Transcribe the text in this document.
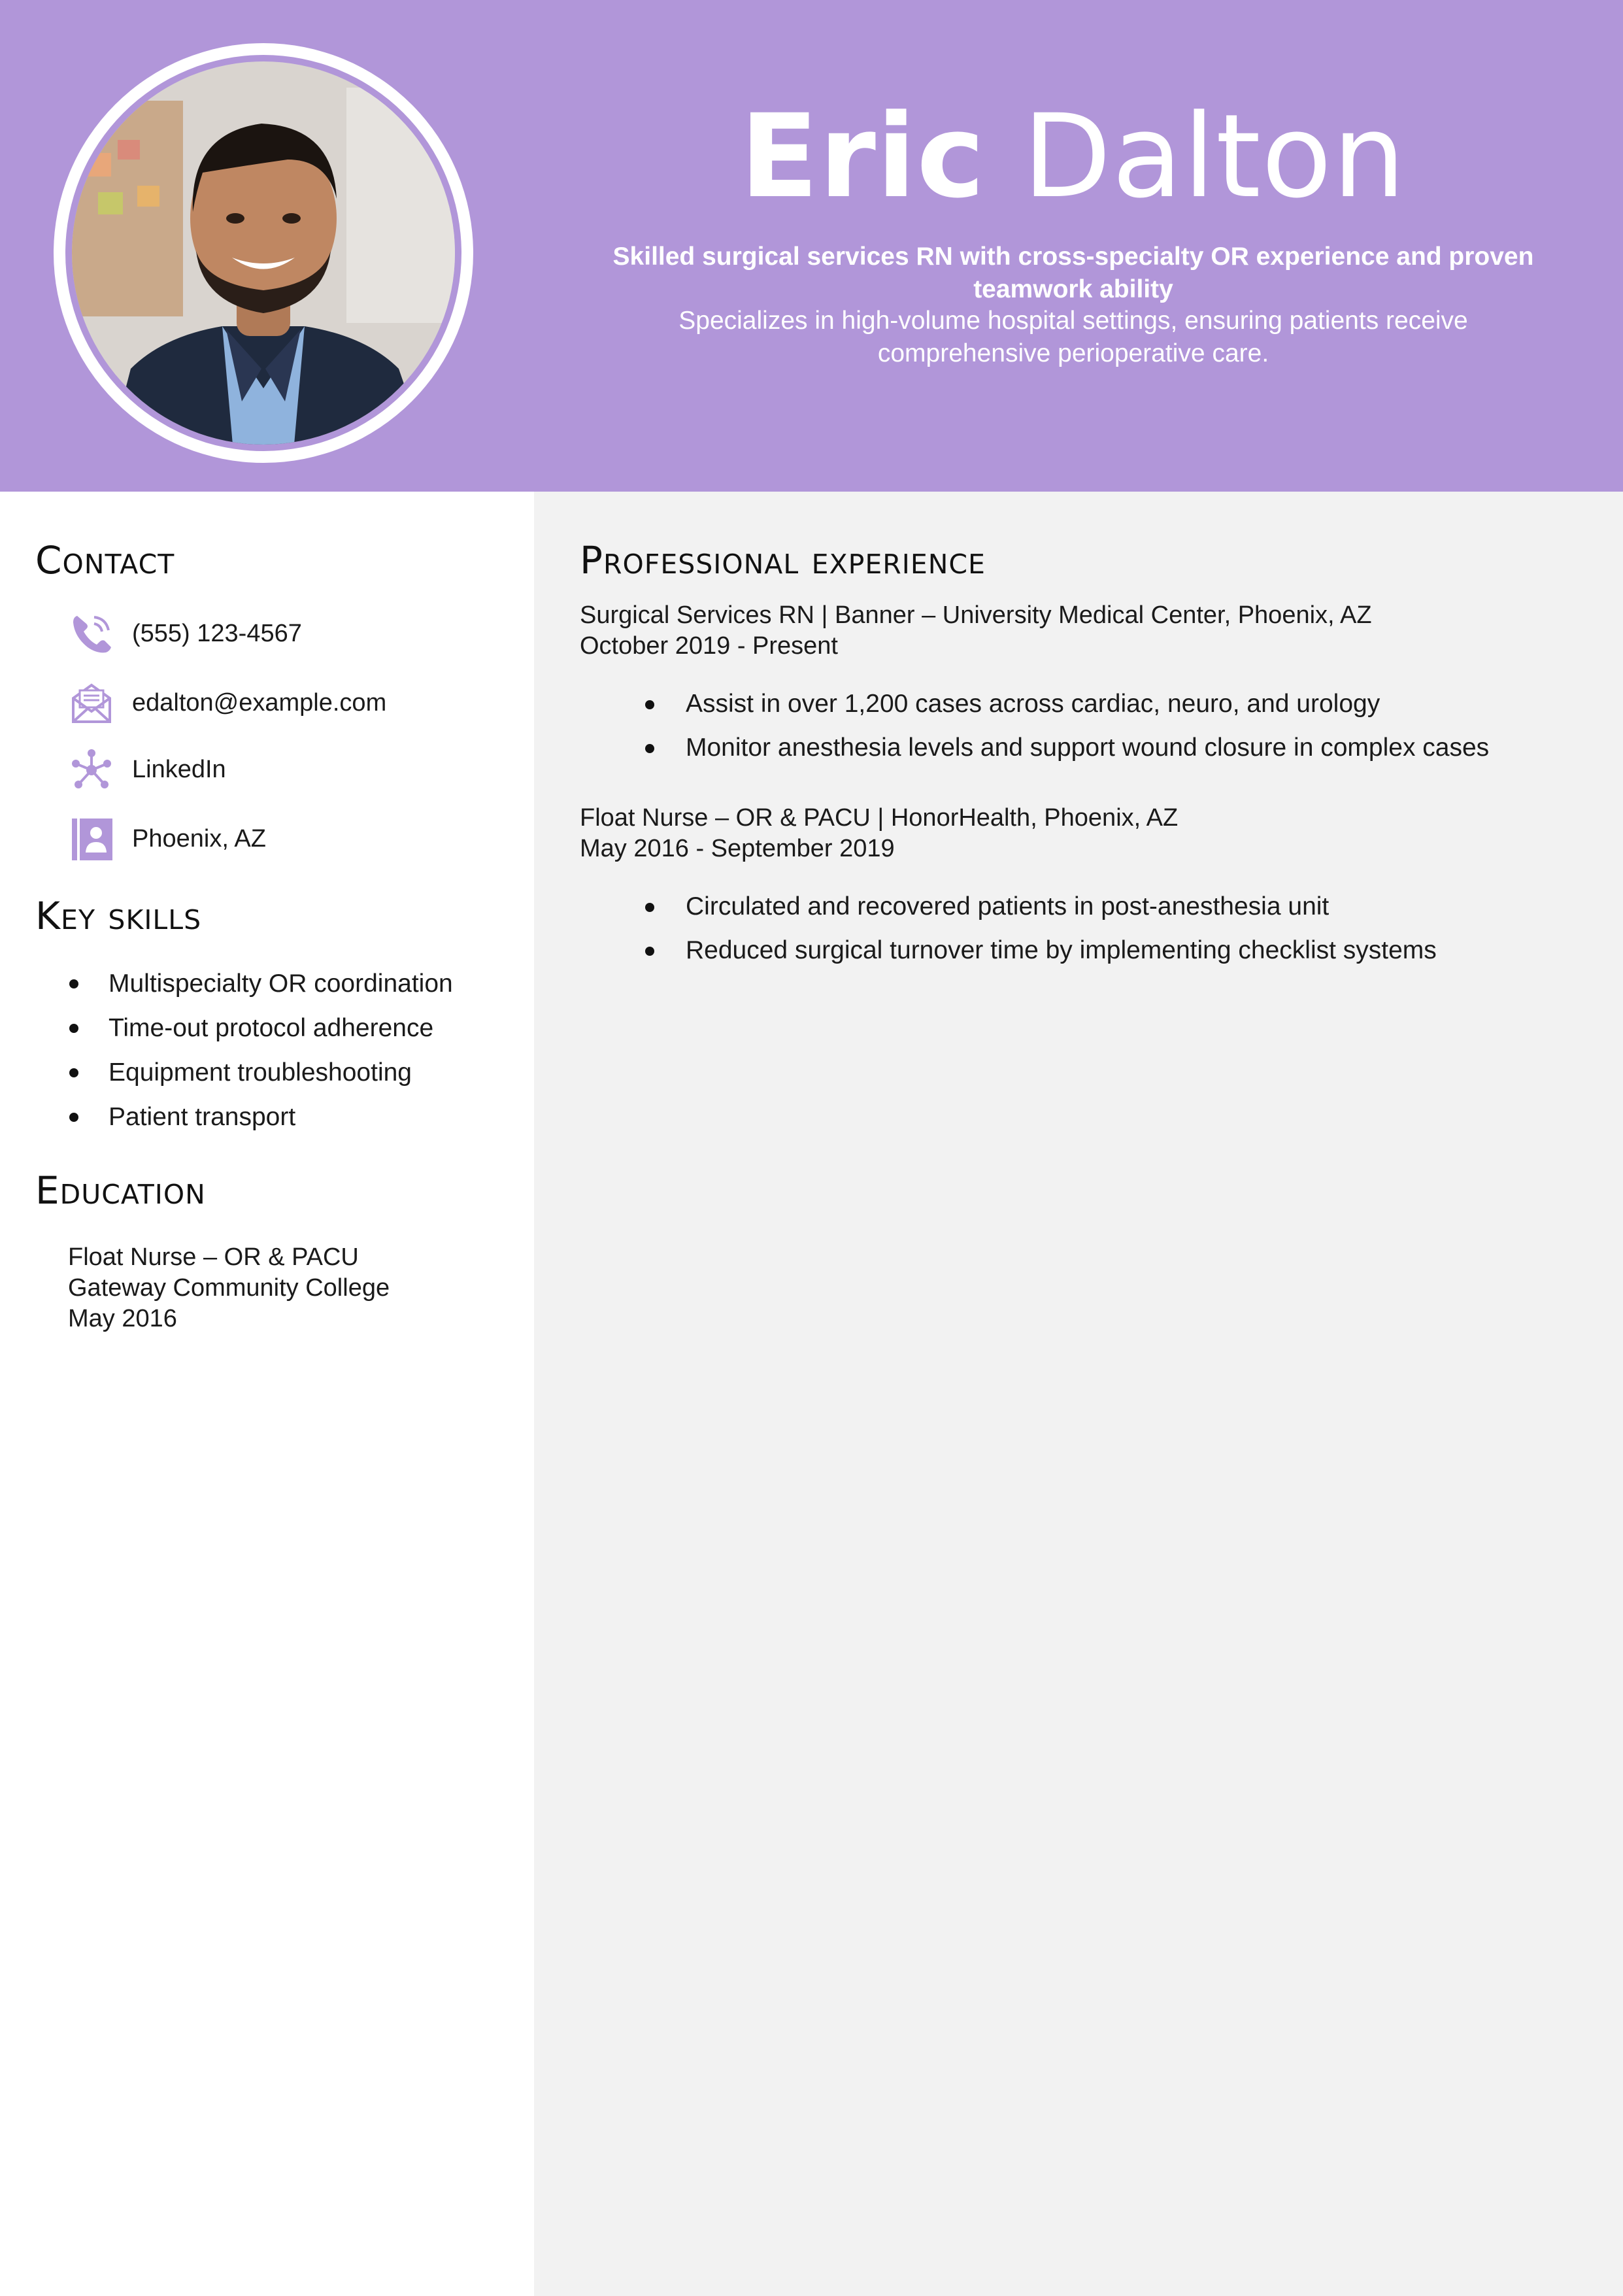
Eric Dalton
Skilled surgical services RN with cross-specialty OR experience and proven teamwork ability
Specializes in high-volume hospital settings, ensuring patients receive comprehensive perioperative care.
Contact
(555) 123-4567
edalton@example.com
LinkedIn
Phoenix, AZ
Key skills
Multispecialty OR coordination
Time-out protocol adherence
Equipment troubleshooting
Patient transport
Education
Float Nurse – OR & PACU
Gateway Community College
May 2016
Professional experience
Surgical Services RN | Banner – University Medical Center, Phoenix, AZ
October 2019 - Present
Assist in over 1,200 cases across cardiac, neuro, and urology
Monitor anesthesia levels and support wound closure in complex cases
Float Nurse – OR & PACU | HonorHealth, Phoenix, AZ
May 2016 - September 2019
Circulated and recovered patients in post-anesthesia unit
Reduced surgical turnover time by implementing checklist systems
